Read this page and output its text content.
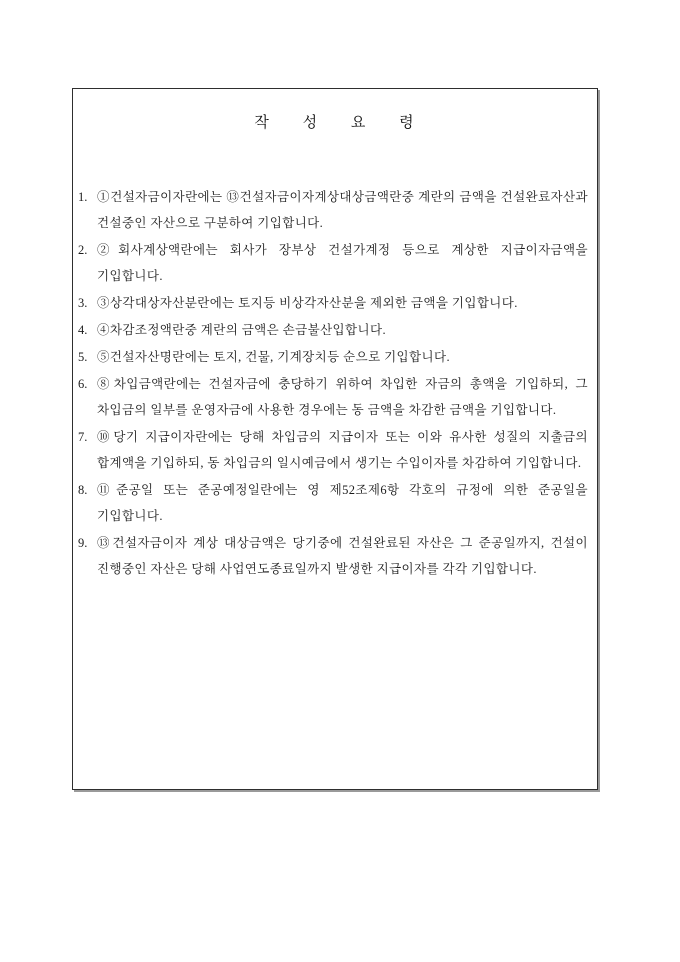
작 성 요 령
1. ①건설자금이자란에는 ⑬건설자금이자계상대상금액란중 계란의 금액을 건설완료자산과 건설중인 자산으로 구분하여 기입합니다.
2. ②회사계상액란에는 회사가 장부상 건설가계정 등으로 계상한 지급이자금액을 기입합니다.
3. ③상각대상자산분란에는 토지등 비상각자산분을 제외한 금액을 기입합니다.
4. ④차감조정액란중 계란의 금액은 손금불산입합니다.
5. ⑤건설자산명란에는 토지, 건물, 기계장치등 순으로 기입합니다.
6. ⑧차입금액란에는 건설자금에 충당하기 위하여 차입한 자금의 총액을 기입하되, 그 차입금의 일부를 운영자금에 사용한 경우에는 동 금액을 차감한 금액을 기입합니다.
7. ⑩당기 지급이자란에는 당해 차입금의 지급이자 또는 이와 유사한 성질의 지출금의 합계액을 기입하되, 동 차입금의 일시예금에서 생기는 수입이자를 차감하여 기입합니다.
8. ⑪준공일 또는 준공예정일란에는 영 제52조제6항 각호의 규정에 의한 준공일을 기입합니다.
9. ⑬건설자금이자 계상 대상금액은 당기중에 건설완료된 자산은 그 준공일까지, 건설이 진행중인 자산은 당해 사업연도종료일까지 발생한 지급이자를 각각 기입합니다.
